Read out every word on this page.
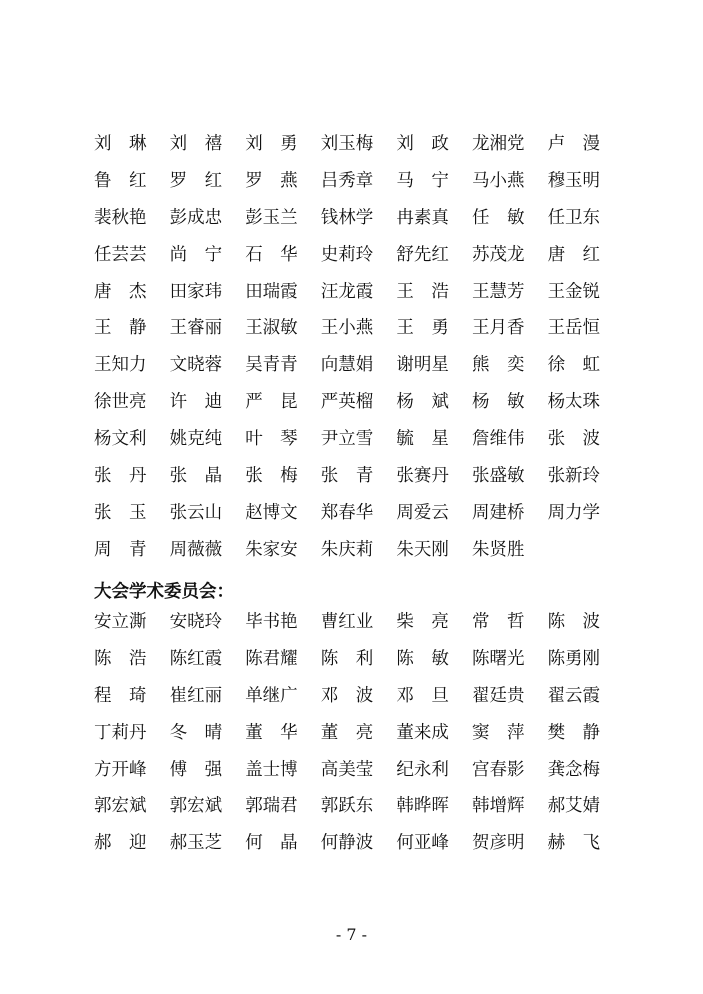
刘　琳	刘　禧	刘　勇	刘玉梅	刘　政	龙湘党	卢　漫
鲁　红	罗　红	罗　燕	吕秀章	马　宁	马小燕	穆玉明
裴秋艳	彭成忠	彭玉兰	钱林学	冉素真	任　敏	任卫东
任芸芸	尚　宁	石　华	史莉玲	舒先红	苏茂龙	唐　红
唐　杰	田家玮	田瑞霞	汪龙霞	王　浩	王慧芳	王金锐
王　静	王睿丽	王淑敏	王小燕	王　勇	王月香	王岳恒
王知力	文晓蓉	吴青青	向慧娟	谢明星	熊　奕	徐　虹
徐世亮	许　迪	严　昆	严英榴	杨　斌	杨　敏	杨太珠
杨文利	姚克纯	叶　琴	尹立雪	毓　星	詹维伟	张　波
张　丹	张　晶	张　梅	张　青	张赛丹	张盛敏	张新玲
张　玉	张云山	赵博文	郑春华	周爱云	周建桥	周力学
周　青	周薇薇	朱家安	朱庆莉	朱天刚	朱贤胜
大会学术委员会：
安立澌	安晓玲	毕书艳	曹红业	柴　亮	常　哲	陈　波
陈　浩	陈红霞	陈君耀	陈　利	陈　敏	陈曙光	陈勇刚
程　琦	崔红丽	单继广	邓　波	邓　旦	翟廷贵	翟云霞
丁莉丹	冬　晴	董　华	董　亮	董来成	窦　萍	樊　静
方开峰	傅　强	盖士博	高美莹	纪永利	宫春影	龚念梅
郭宏斌	郭宏斌	郭瑞君	郭跃东	韩晔晖	韩增辉	郝艾婧
郝　迎	郝玉芝	何　晶	何静波	何亚峰	贺彦明	赫　飞
- 7 -
